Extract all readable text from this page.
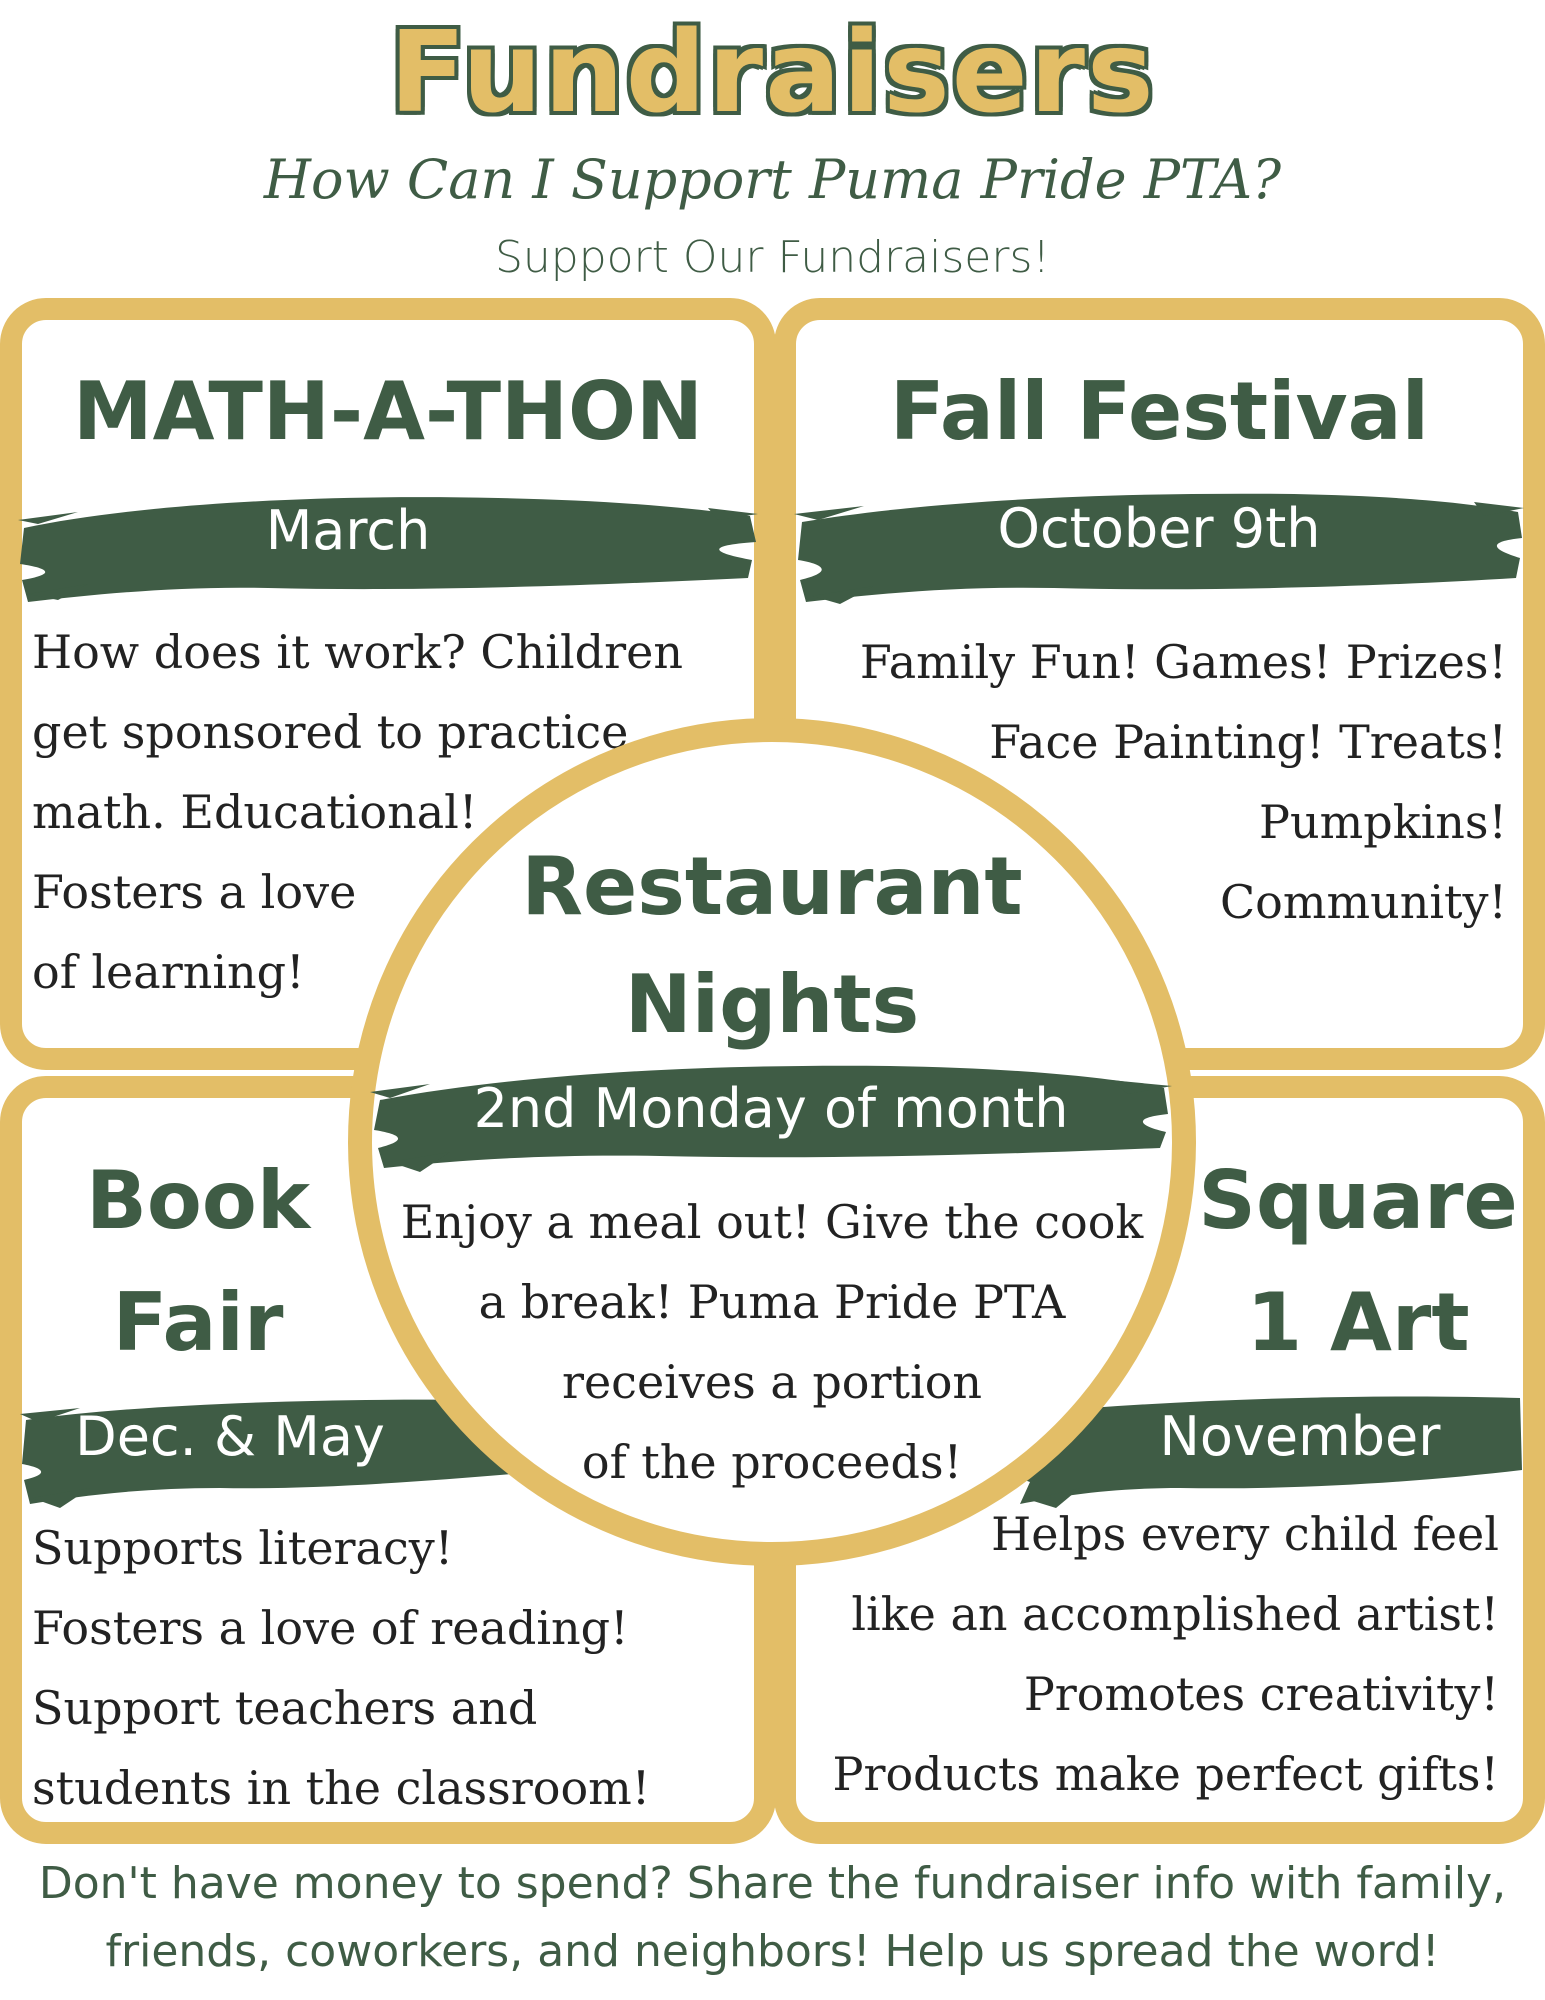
Fundraisers
How Can I Support Puma Pride PTA?
Support Our Fundraisers!
MATH-A-THON
March
How does it work? Children
get sponsored to practice
math. Educational!
Fosters a love
of learning!
Fall Festival
October 9th
Family Fun! Games! Prizes!
Face Painting! Treats!
Pumpkins!
Community!
Book
Fair
Dec. & May
Supports literacy!
Fosters a love of reading!
Support teachers and
students in the classroom!
Square
1 Art
November
Helps every child feel
like an accomplished artist!
Promotes creativity!
Products make perfect gifts!
Restaurant
Nights
2nd Monday of month
Enjoy a meal out! Give the cook
a break! Puma Pride PTA
receives a portion
of the proceeds!
Don't have money to spend? Share the fundraiser info with family,
friends, coworkers, and neighbors! Help us spread the word!
